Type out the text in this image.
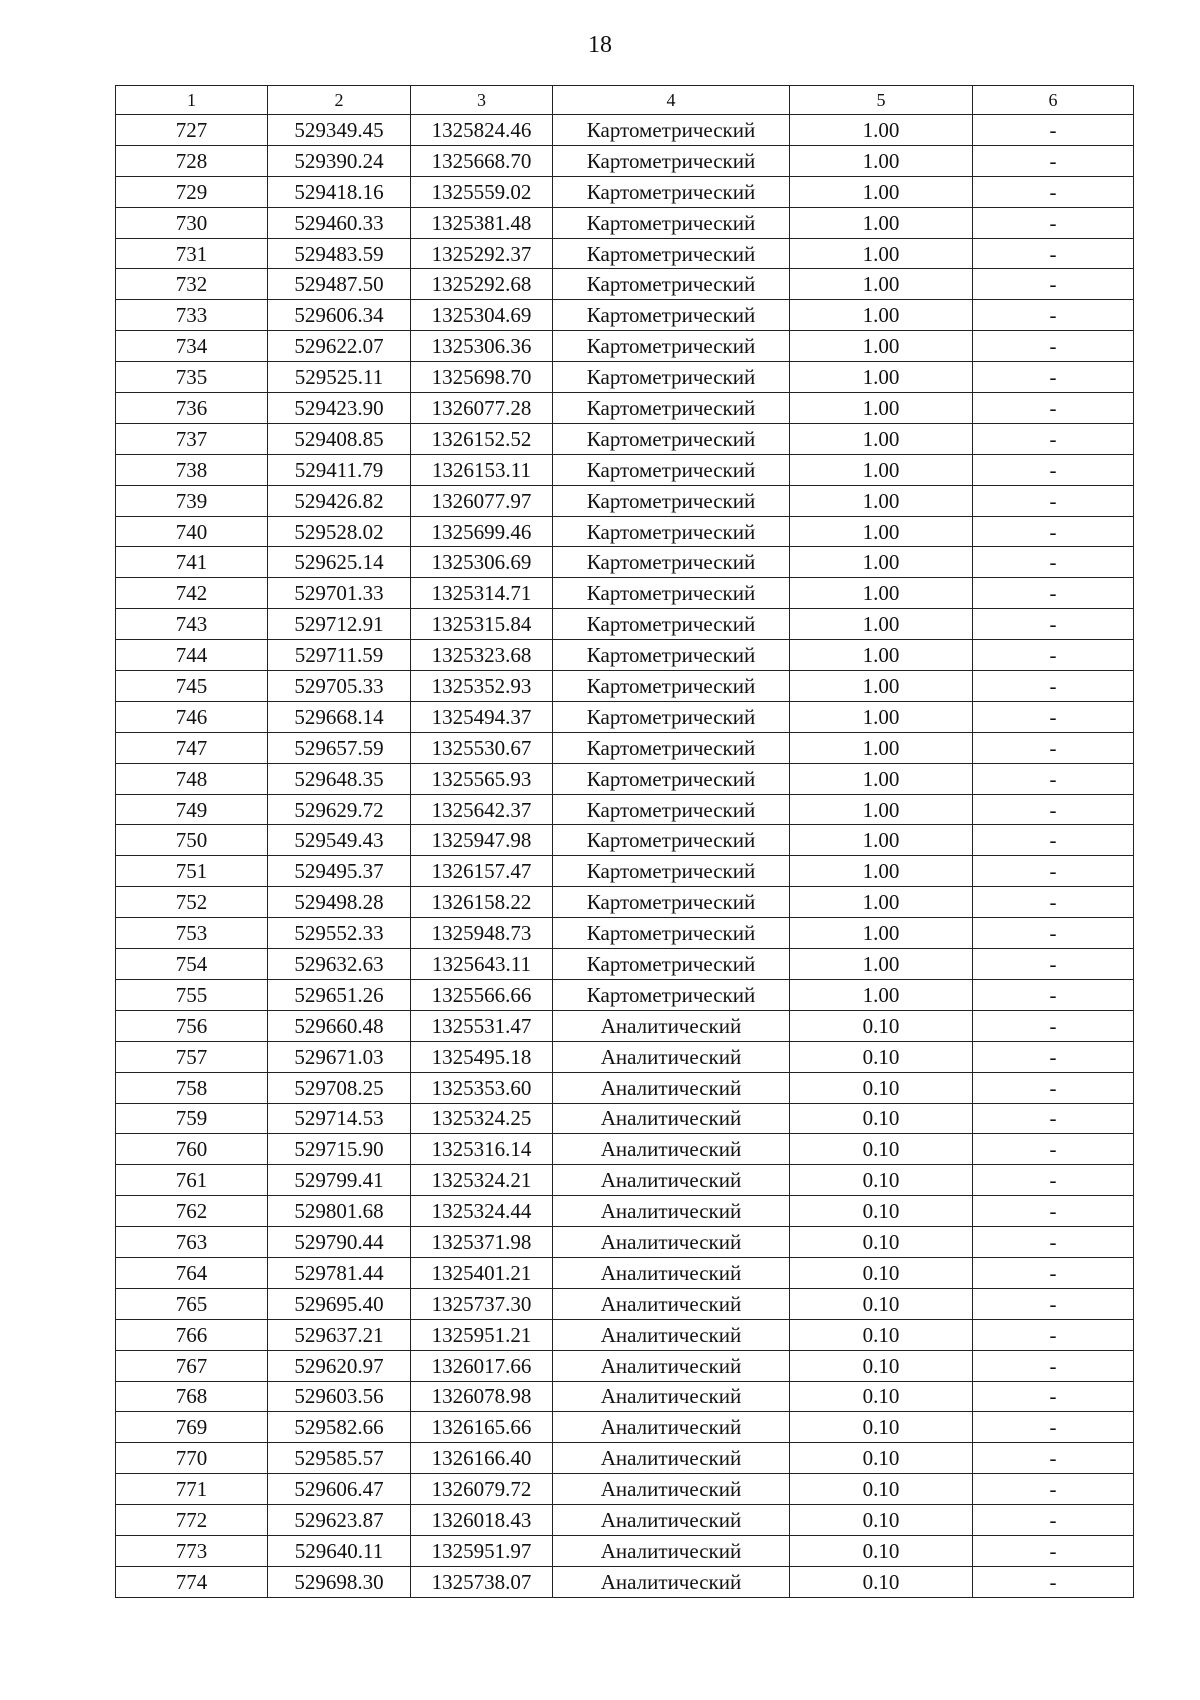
18
1	2	3	4	5	6
727	529349.45	1325824.46	Картометрический	1.00	-
728	529390.24	1325668.70	Картометрический	1.00	-
729	529418.16	1325559.02	Картометрический	1.00	-
730	529460.33	1325381.48	Картометрический	1.00	-
731	529483.59	1325292.37	Картометрический	1.00	-
732	529487.50	1325292.68	Картометрический	1.00	-
733	529606.34	1325304.69	Картометрический	1.00	-
734	529622.07	1325306.36	Картометрический	1.00	-
735	529525.11	1325698.70	Картометрический	1.00	-
736	529423.90	1326077.28	Картометрический	1.00	-
737	529408.85	1326152.52	Картометрический	1.00	-
738	529411.79	1326153.11	Картометрический	1.00	-
739	529426.82	1326077.97	Картометрический	1.00	-
740	529528.02	1325699.46	Картометрический	1.00	-
741	529625.14	1325306.69	Картометрический	1.00	-
742	529701.33	1325314.71	Картометрический	1.00	-
743	529712.91	1325315.84	Картометрический	1.00	-
744	529711.59	1325323.68	Картометрический	1.00	-
745	529705.33	1325352.93	Картометрический	1.00	-
746	529668.14	1325494.37	Картометрический	1.00	-
747	529657.59	1325530.67	Картометрический	1.00	-
748	529648.35	1325565.93	Картометрический	1.00	-
749	529629.72	1325642.37	Картометрический	1.00	-
750	529549.43	1325947.98	Картометрический	1.00	-
751	529495.37	1326157.47	Картометрический	1.00	-
752	529498.28	1326158.22	Картометрический	1.00	-
753	529552.33	1325948.73	Картометрический	1.00	-
754	529632.63	1325643.11	Картометрический	1.00	-
755	529651.26	1325566.66	Картометрический	1.00	-
756	529660.48	1325531.47	Аналитический	0.10	-
757	529671.03	1325495.18	Аналитический	0.10	-
758	529708.25	1325353.60	Аналитический	0.10	-
759	529714.53	1325324.25	Аналитический	0.10	-
760	529715.90	1325316.14	Аналитический	0.10	-
761	529799.41	1325324.21	Аналитический	0.10	-
762	529801.68	1325324.44	Аналитический	0.10	-
763	529790.44	1325371.98	Аналитический	0.10	-
764	529781.44	1325401.21	Аналитический	0.10	-
765	529695.40	1325737.30	Аналитический	0.10	-
766	529637.21	1325951.21	Аналитический	0.10	-
767	529620.97	1326017.66	Аналитический	0.10	-
768	529603.56	1326078.98	Аналитический	0.10	-
769	529582.66	1326165.66	Аналитический	0.10	-
770	529585.57	1326166.40	Аналитический	0.10	-
771	529606.47	1326079.72	Аналитический	0.10	-
772	529623.87	1326018.43	Аналитический	0.10	-
773	529640.11	1325951.97	Аналитический	0.10	-
774	529698.30	1325738.07	Аналитический	0.10	-
